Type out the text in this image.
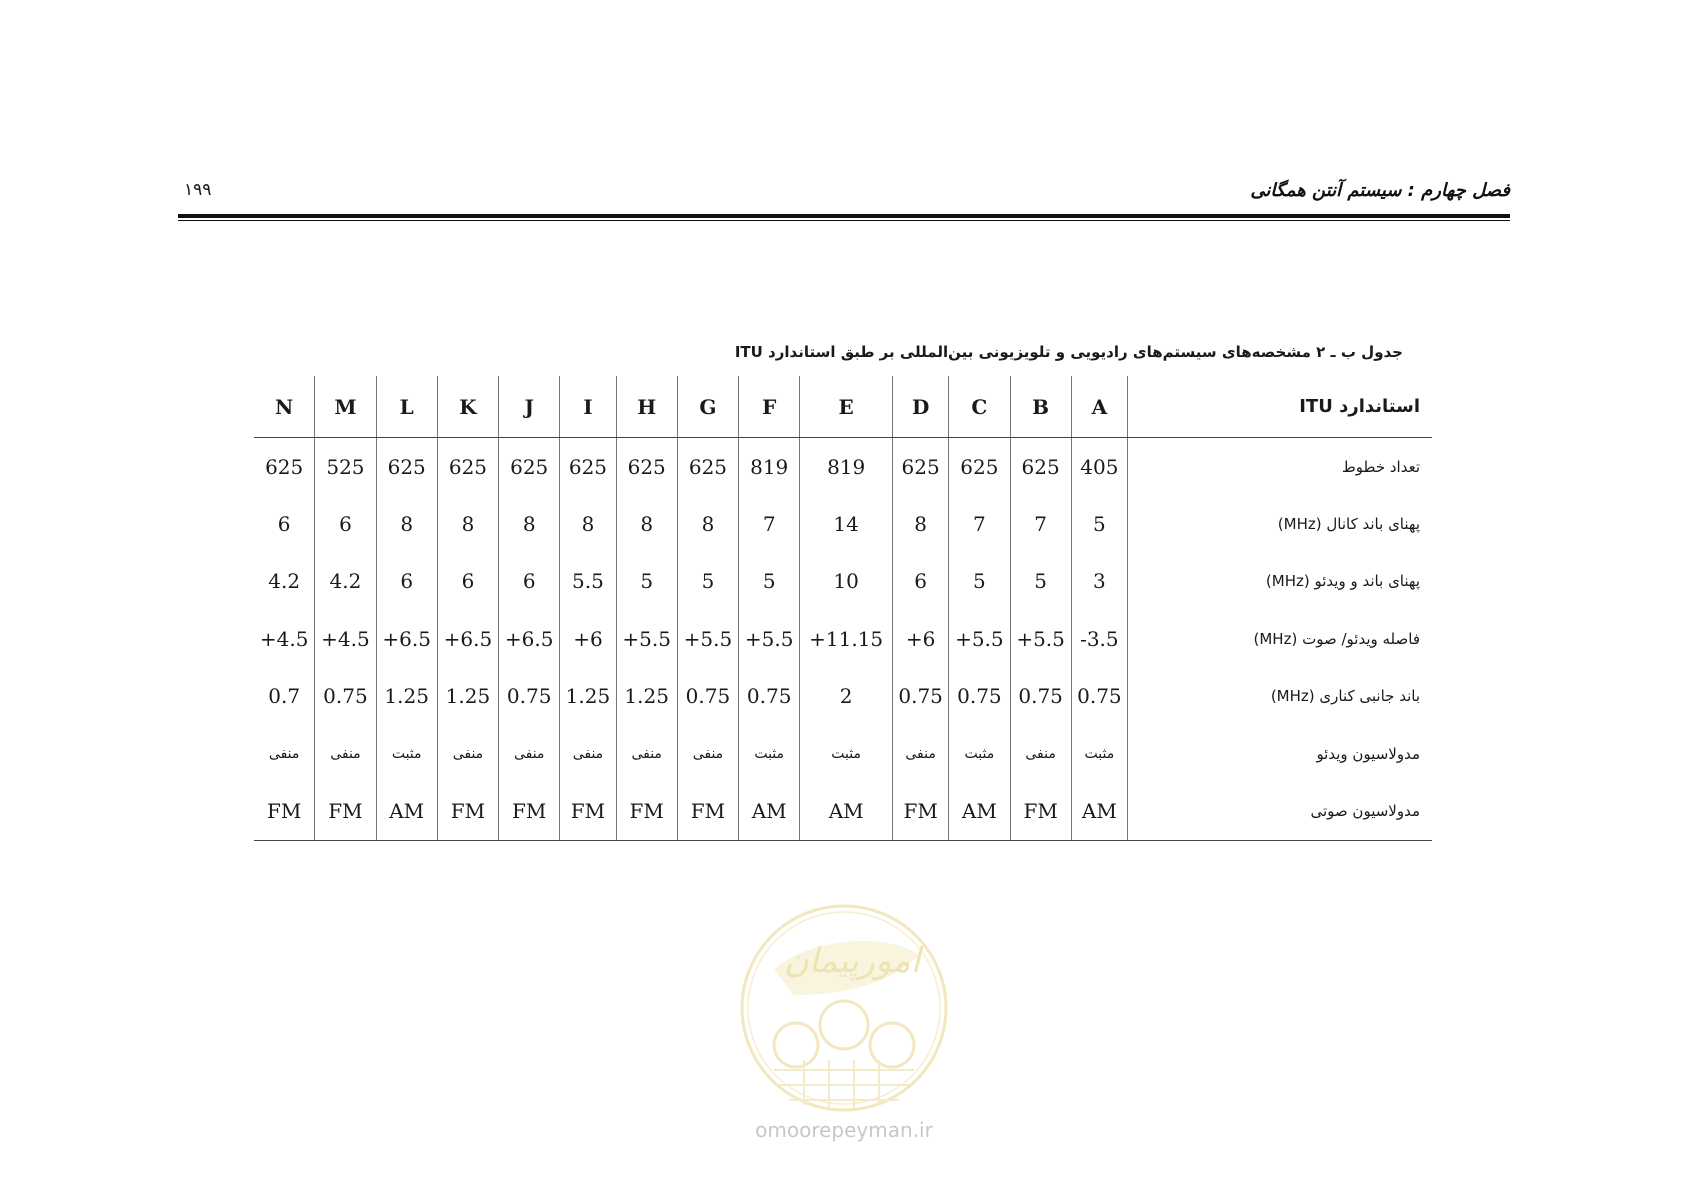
فصل چهارم : سیستم آنتن همگانی
۱۹۹
جدول ب ـ ۲ مشخصه‌های سیستم‌های رادیویی و تلویزیونی بین‌المللی بر طبق استاندارد ITU
استاندارد ITU	A	B	C	D	E	F	G	H	I	J	K	L	M	N
تعداد خطوط	405	625	625	625	819	819	625	625	625	625	625	625	525	625
پهنای باند کانال (MHz)	5	7	7	8	14	7	8	8	8	8	8	8	6	6
پهنای باند و ویدئو (MHz)	3	5	5	6	10	5	5	5	5.5	6	6	6	4.2	4.2
فاصله ویدئو/ صوت (MHz)	-3.5	+5.5	+5.5	+6	+11.15	+5.5	+5.5	+5.5	+6	+6.5	+6.5	+6.5	+4.5	+4.5
باند جانبی کناری (MHz)	0.75	0.75	0.75	0.75	2	0.75	0.75	1.25	1.25	0.75	1.25	1.25	0.75	0.7
مدولاسیون ویدئو	مثبت	منفی	مثبت	منفی	مثبت	مثبت	منفی	منفی	منفی	منفی	منفی	مثبت	منفی	منفی
مدولاسیون صوتی	AM	FM	AM	FM	AM	AM	FM	FM	FM	FM	FM	AM	FM	FM
امورپیمان
omoorepeyman.ir
